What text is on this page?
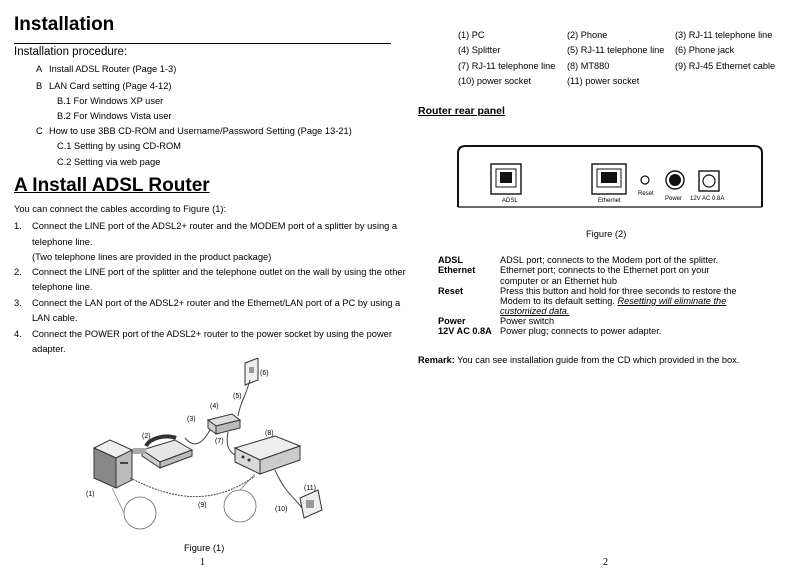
Installation
Installation procedure:
A Install ADSL Router (Page 1-3)
B LAN Card setting (Page 4-12)
B.1 For Windows XP user
B.2 For Windows Vista user
C How to use 3BB CD-ROM and Username/Password Setting (Page 13-21)
C.1 Setting by using CD-ROM
C.2 Setting via web page
A Install ADSL Router
You can connect the cables according to Figure (1):
1. Connect the LINE port of the ADSL2+ router and the MODEM port of a splitter by using a
telephone line.
(Two telephone lines are provided in the product package)
2. Connect the LINE port of the splitter and the telephone outlet on the wall by using the other
telephone line.
3. Connect the LAN port of the ADSL2+ router and the Ethernet/LAN port of a PC by using a
LAN cable.
4. Connect the POWER port of the ADSL2+ router to the power socket by using the power
adapter.
(1)
(2)
(3)
(4)
(5)
(6)
(7)
(8)
(9)
(10)
(11)
Figure (1)
1
(1) PC	(2) Phone	(3) RJ-11 telephone line
(4) Splitter	(5) RJ-11 telephone line (6) Phone jack
(7) RJ-11 telephone line (8) MT880	(9) RJ-45 Ethernet cable
(10) power socket	(11) power socket
Router rear panel
ADSL	Ethernet
Reset
Power 12V AC 0.8A
Figure (2)
ADSL	ADSL port; connects to the Modem port of the splitter.
Ethernet	Ethernet port; connects to the Ethernet port on your
computer or an Ethernet hub
Reset	Press this button and hold for three seconds to restore the
Modem to its default setting. Resetting will eliminate the
customized data.
Power	Power switch
12V AC 0.8A Power plug; connects to power adapter.
Remark: You can see installation guide from the CD which provided in the box.
2
